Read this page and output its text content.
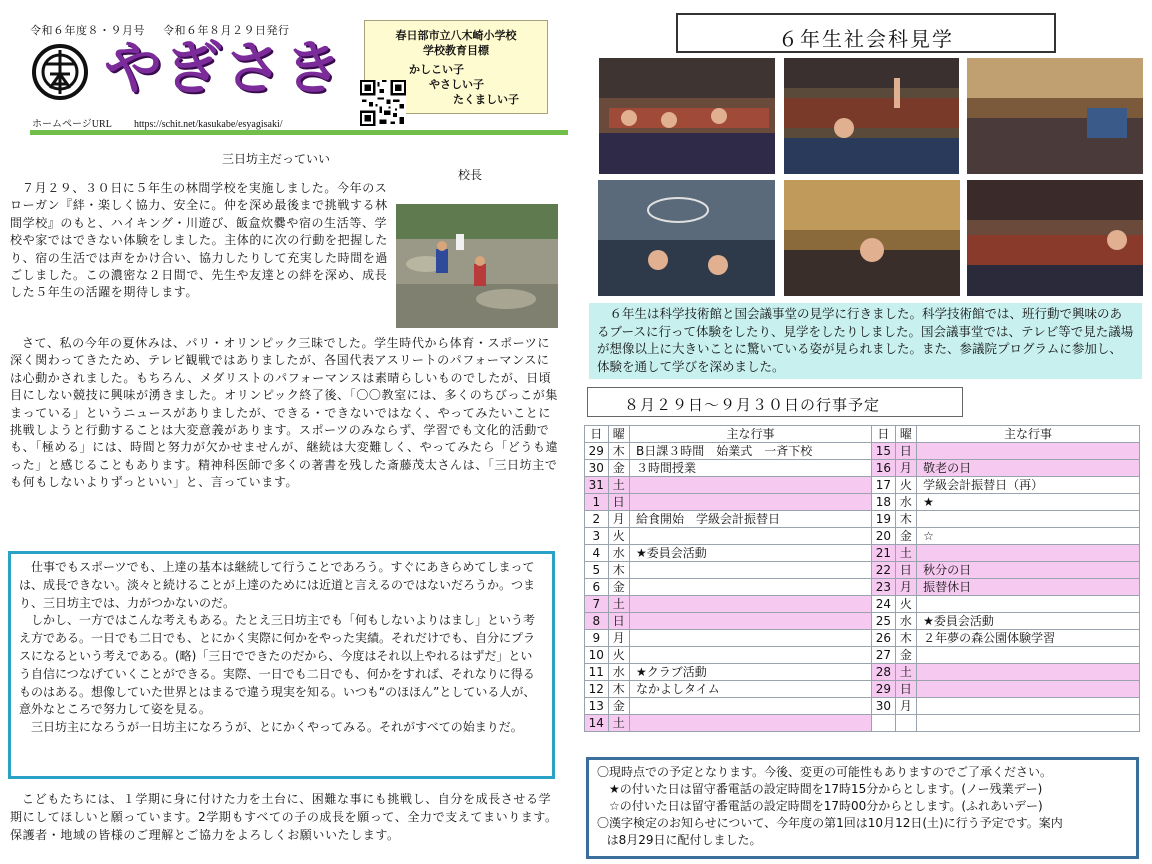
令和６年度８・９月号 令和６年８月２９日発行
やぎさき	春日部市立八木崎小学校
学校教育目標
かしこい子
やさしい子
たくましい子
ホームページURL https://schit.net/kasukabe/esyagisaki/
三日坊主だっていい
校長

７月２９、３０日に５年生の林間学校を実施しました。今年のスローガン『絆・楽しく協力、安全に。仲を深め最後まで挑戦する林間学校』のもと、ハイキング・川遊び、飯盒炊爨や宿の生活等、学校や家ではできない体験をしました。主体的に次の行動を把握したり、宿の生活では声をかけ合い、協力したりして充実した時間を過ごしました。この濃密な２日間で、先生や友達との絆を深め、成長した５年生の活躍を期待します。

さて、私の今年の夏休みは、パリ・オリンピック三昧でした。学生時代から体育・スポーツに深く関わってきたため、テレビ観戦ではありましたが、各国代表アスリートのパフォーマンスには心動かされました。もちろん、メダリストのパフォーマンスは素晴らしいものでしたが、日頃目にしない競技に興味が湧きました。オリンピック終了後、「〇〇教室には、多くのちびっこが集まっている」というニュースがありましたが、できる・できないではなく、やってみたいことに挑戦しようと行動することは大変意義があります。スポーツのみならず、学習でも文化的活動でも、「極める」には、時間と努力が欠かせませんが、継続は大変難しく、やってみたら「どうも違った」と感じることもあります。精神科医師で多くの著書を残した斎藤茂太さんは、「三日坊主でも何もしないよりずっといい」と、言っています。

仕事でもスポーツでも、上達の基本は継続して行うことであろう。すぐにあきらめてしまっては、成長できない。淡々と続けることが上達のためには近道と言えるのではないだろうか。つまり、三日坊主では、力がつかないのだ。

しかし、一方ではこんな考えもある。たとえ三日坊主でも「何もしないよりはまし」という考え方である。一日でも二日でも、とにかく実際に何かをやった実績。それだけでも、自分にプラスになるという考えである。(略)「三日でできたのだから、今度はそれ以上やれるはずだ」という自信につなげていくことができる。実際、一日でも二日でも、何かをすれば、それなりに得るものはある。想像していた世界とはまるで違う現実を知る。いつも“のほほん”としている人が、意外なところで努力して姿を見る。

三日坊主になろうが一日坊主になろうが、とにかくやってみる。それがすべての始まりだ。

こどもたちには、１学期に身に付けた力を土台に、困難な事にも挑戦し、自分を成長させる学期にしてほしいと願っています。2学期もすべての子の成長を願って、全力で支えてまいります。保護者・地域の皆様のご理解とご協力をよろしくお願いいたします。

６年生社会科見学

６年生は科学技術館と国会議事堂の見学に行きました。科学技術館では、班行動で興味のあるブースに行って体験をしたり、見学をしたりしました。国会議事堂では、テレビ等で見た議場が想像以上に大きいことに驚いている姿が見られました。また、参議院プログラムに参加し、体験を通して学びを深めました。

８月２９日～９月３０日の行事予定
日	曜	主な行事	日	曜	主な行事
29	木	B日課３時間　始業式　一斉下校	15	日	
30	金	３時間授業	16	月	敬老の日
31	土		17	火	学級会計振替日（再）
1	日		18	水	★
2	月	給食開始　学級会計振替日	19	木	
3	火		20	金	☆
4	水	★委員会活動	21	土	
5	木		22	日	秋分の日
6	金		23	月	振替休日
7	土		24	火	
8	日		25	水	★委員会活動
9	月		26	木	２年夢の森公園体験学習
10	火		27	金	
11	水	★クラブ活動	28	土	
12	木	なかよしタイム	29	日	
13	金		30	月	
14	土				
〇現時点での予定となります。今後、変更の可能性もありますのでご了承ください。
★の付いた日は留守番電話の設定時間を17時15分からとします。(ノー残業デー)
☆の付いた日は留守番電話の設定時間を17時00分からとします。(ふれあいデー)
〇漢字検定のお知らせについて、今年度の第1回は10月12日(土)に行う予定です。案内
は8月29日に配付しました。
